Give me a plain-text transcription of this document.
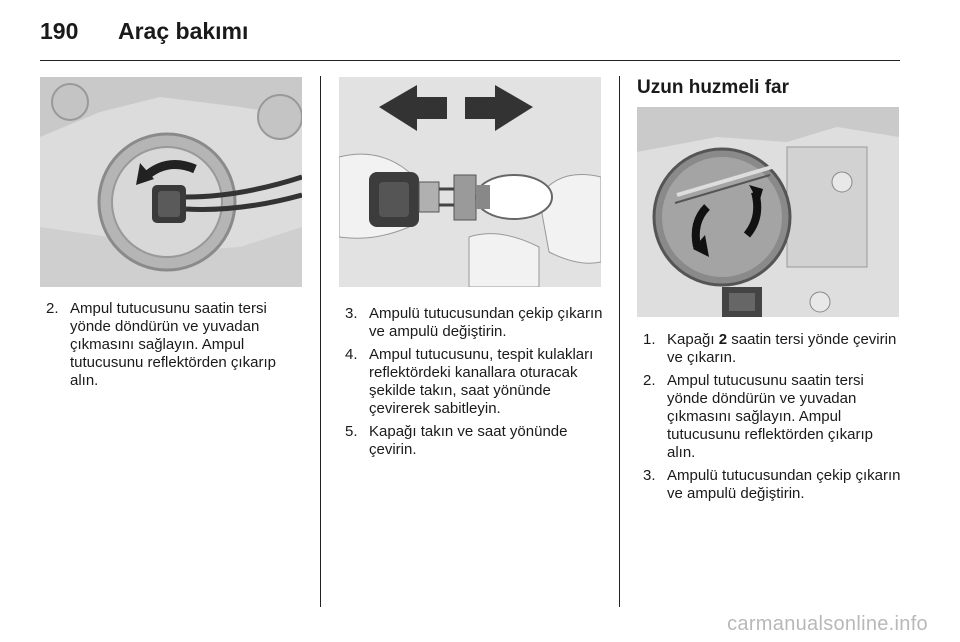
190	Araç bakımı
2. Ampul tutucusunu saatin tersi yönde döndürün ve yuvadan çıkmasını sağlayın. Ampul tutucusunu reflektörden çıkarıp alın.
3. Ampulü tutucusundan çekip çıkarın ve ampulü değiştirin.
4. Ampul tutucusunu, tespit kulakları reflektördeki kanallara oturacak şekilde takın, saat yönünde çevirerek sabitleyin.
5. Kapağı takın ve saat yönünde çevirin.
Uzun huzmeli far
1. Kapağı 2 saatin tersi yönde çevirin ve çıkarın.
2. Ampul tutucusunu saatin tersi yönde döndürün ve yuvadan çıkmasını sağlayın. Ampul tutucusunu reflektörden çıkarıp alın.
3. Ampulü tutucusundan çekip çıkarın ve ampulü değiştirin.
carmanualsonline.info
